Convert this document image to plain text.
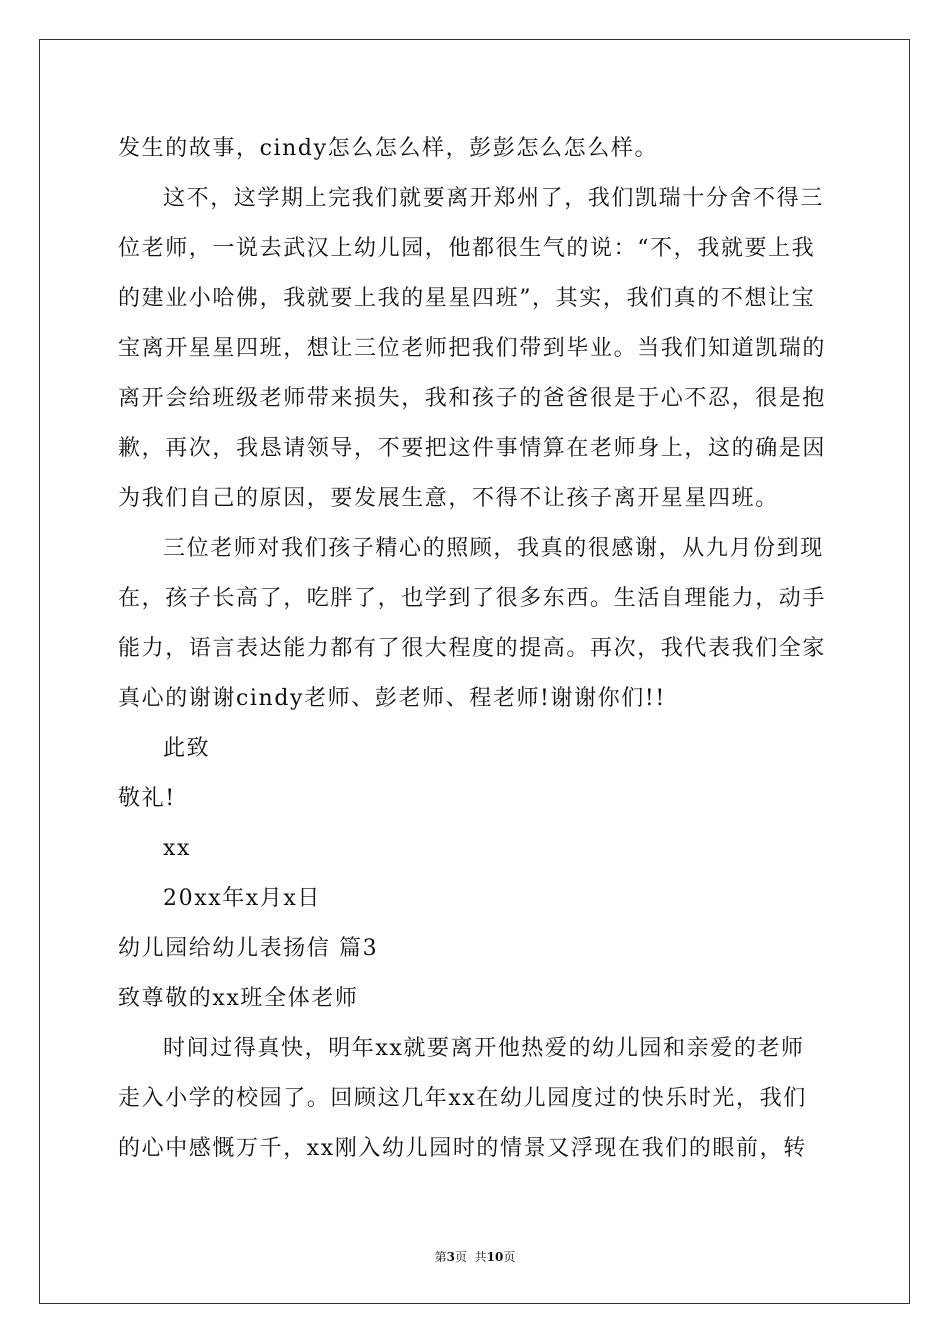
发生的故事，cindy怎么怎么样，彭彭怎么怎么样。

这不，这学期上完我们就要离开郑州了，我们凯瑞十分舍不得三

位老师，一说去武汉上幼儿园，他都很生气的说：“不，我就要上我

的建业小哈佛，我就要上我的星星四班”，其实，我们真的不想让宝

宝离开星星四班，想让三位老师把我们带到毕业。当我们知道凯瑞的

离开会给班级老师带来损失，我和孩子的爸爸很是于心不忍，很是抱

歉，再次，我恳请领导，不要把这件事情算在老师身上，这的确是因

为我们自己的原因，要发展生意，不得不让孩子离开星星四班。

三位老师对我们孩子精心的照顾，我真的很感谢，从九月份到现

在，孩子长高了，吃胖了，也学到了很多东西。生活自理能力，动手

能力，语言表达能力都有了很大程度的提高。再次，我代表我们全家

真心的谢谢cindy老师、彭老师、程老师!谢谢你们!!

此致

敬礼!

xx

20xx年x月x日

幼儿园给幼儿表扬信 篇3

致尊敬的xx班全体老师

时间过得真快，明年xx就要离开他热爱的幼儿园和亲爱的老师

走入小学的校园了。回顾这几年xx在幼儿园度过的快乐时光，我们

的心中感慨万千，xx刚入幼儿园时的情景又浮现在我们的眼前，转

第3页  共10页
